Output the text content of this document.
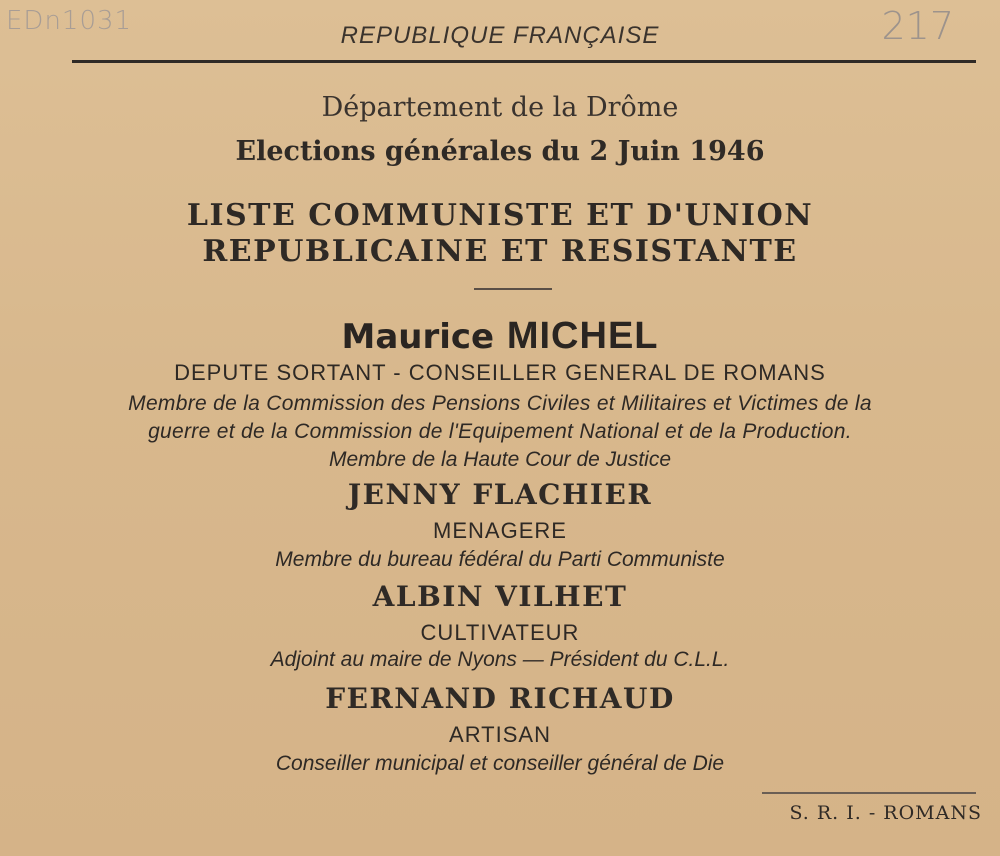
EDn1031	217
REPUBLIQUE FRANÇAISE
Département de la Drôme
Elections générales du 2 Juin 1946
LISTE COMMUNISTE ET D'UNION
REPUBLICAINE ET RESISTANTE
Maurice MICHEL
DEPUTE SORTANT - CONSEILLER GENERAL DE ROMANS
Membre de la Commission des Pensions Civiles et Militaires et Victimes de la
guerre et de la Commission de l'Equipement National et de la Production.
Membre de la Haute Cour de Justice
JENNY FLACHIER
MENAGERE
Membre du bureau fédéral du Parti Communiste
ALBIN VILHET
CULTIVATEUR
Adjoint au maire de Nyons — Président du C.L.L.
FERNAND RICHAUD
ARTISAN
Conseiller municipal et conseiller général de Die
S. R. I. - ROMANS
